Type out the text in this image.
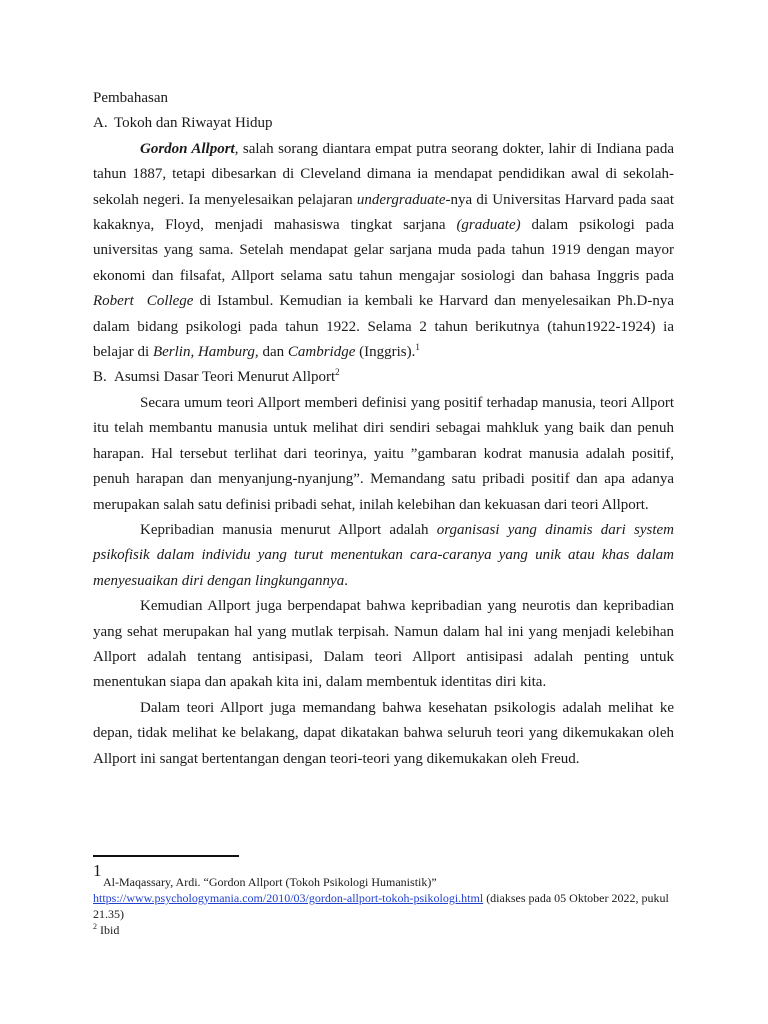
Pembahasan

A. Tokoh dan Riwayat Hidup

Gordon Allport, salah sorang diantara empat putra seorang dokter, lahir di Indiana pada tahun 1887, tetapi dibesarkan di Cleveland dimana ia mendapat pendidikan awal di sekolah-sekolah negeri. Ia menyelesaikan pelajaran undergraduate-nya di Universitas Harvard pada saat kakaknya, Floyd, menjadi mahasiswa tingkat sarjana (graduate) dalam psikologi pada universitas yang sama. Setelah mendapat gelar sarjana muda pada tahun 1919 dengan mayor ekonomi dan filsafat, Allport selama satu tahun mengajar sosiologi dan bahasa Inggris pada Robert College di Istambul. Kemudian ia kembali ke Harvard dan menyelesaikan Ph.D-nya dalam bidang psikologi pada tahun 1922. Selama 2 tahun berikutnya (tahun1922-1924) ia belajar di Berlin, Hamburg, dan Cambridge (Inggris).$^1$

B. Asumsi Dasar Teori Menurut Allport$^2$

Secara umum teori Allport memberi definisi yang positif terhadap manusia, teori Allport itu telah membantu manusia untuk melihat diri sendiri sebagai mahkluk yang baik dan penuh harapan. Hal tersebut terlihat dari teorinya, yaitu ”gambaran kodrat manusia adalah positif, penuh harapan dan menyanjung-nyanjung”. Memandang satu pribadi positif dan apa adanya merupakan salah satu definisi pribadi sehat, inilah kelebihan dan kekuasan dari teori Allport.

Kepribadian manusia menurut Allport adalah organisasi yang dinamis dari system psikofisik dalam individu yang turut menentukan cara-caranya yang unik atau khas dalam menyesuaikan diri dengan lingkungannya.

Kemudian Allport juga berpendapat bahwa kepribadian yang neurotis dan kepribadian yang sehat merupakan hal yang mutlak terpisah. Namun dalam hal ini yang menjadi kelebihan Allport adalah tentang antisipasi, Dalam teori Allport antisipasi adalah penting untuk menentukan siapa dan apakah kita ini, dalam membentuk identitas diri kita.

Dalam teori Allport juga memandang bahwa kesehatan psikologis adalah melihat ke depan, tidak melihat ke belakang, dapat dikatakan bahwa seluruh teori yang dikemukakan oleh Allport ini sangat bertentangan dengan teori-teori yang dikemukakan oleh Freud.

1

Al-Maqassary, Ardi. “Gordon Allport (Tokoh Psikologi Humanistik)”

https://www.psychologymania.com/2010/03/gordon-allport-tokoh-psikologi.html (diakses pada 05 Oktober 2022, pukul 21.35)

$^2$ Ibid
